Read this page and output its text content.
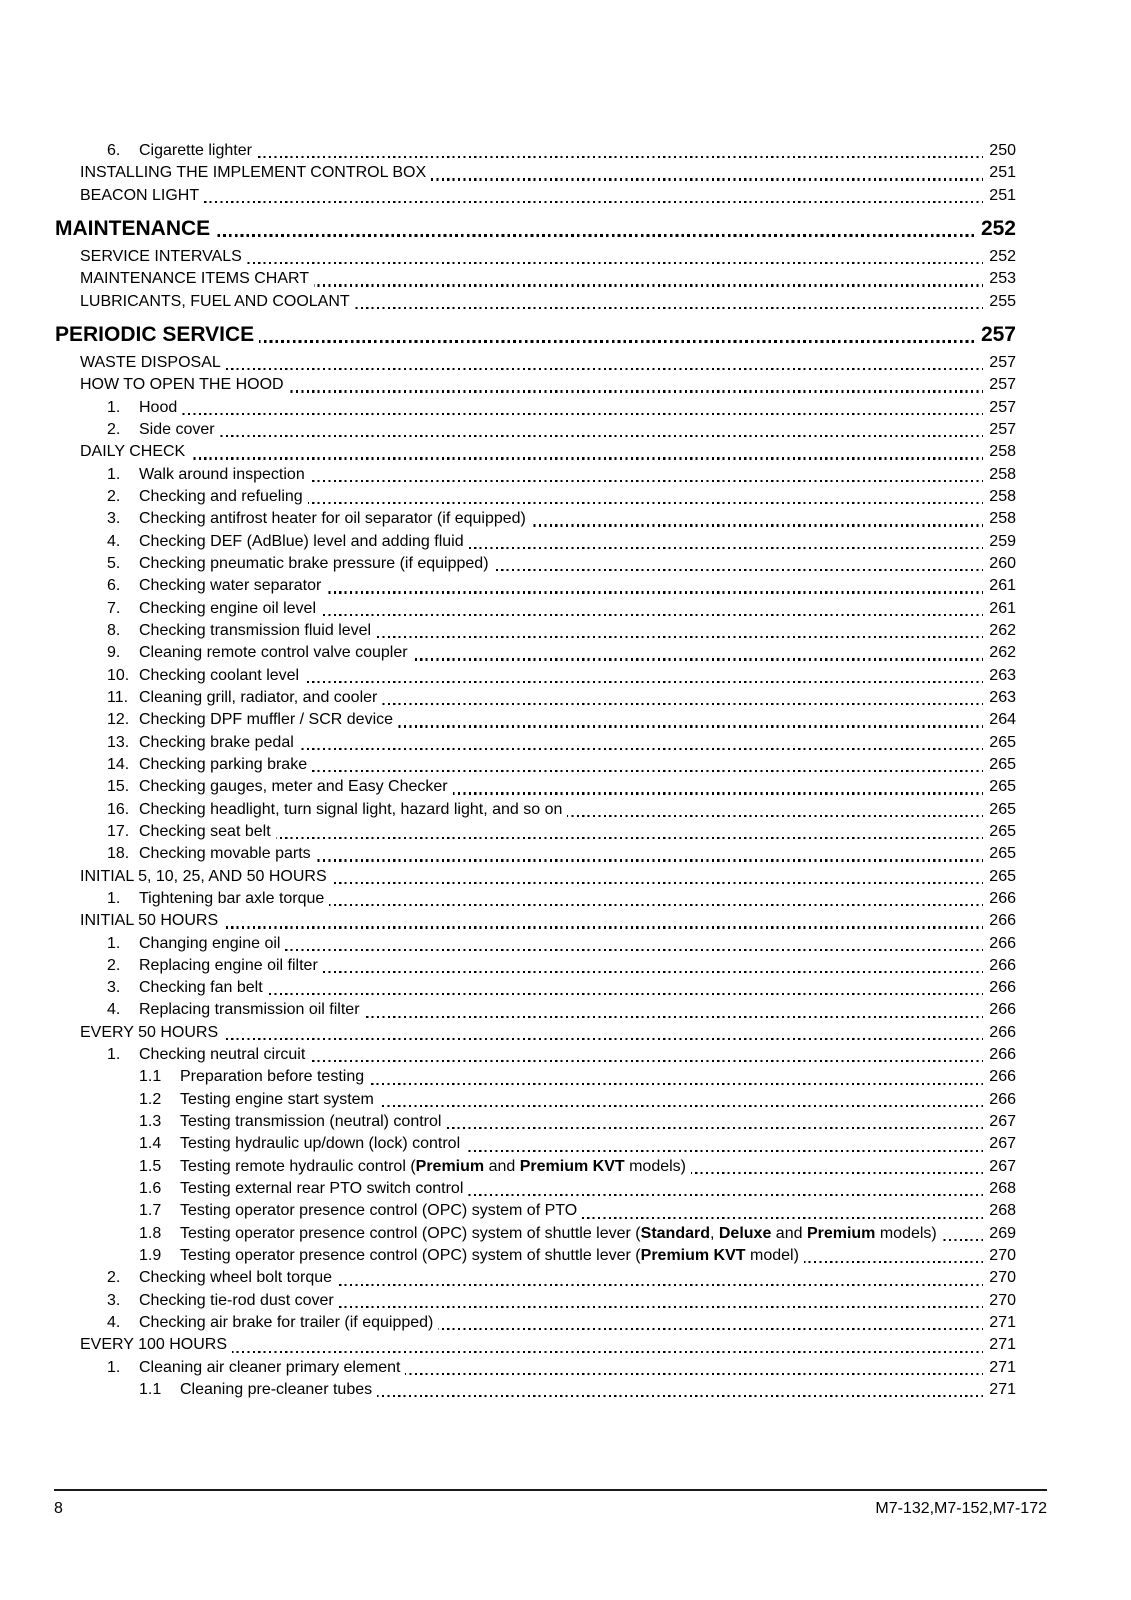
6. Cigarette lighter	250
INSTALLING THE IMPLEMENT CONTROL BOX	251
BEACON LIGHT	251
MAINTENANCE	252
SERVICE INTERVALS	252
MAINTENANCE ITEMS CHART	253
LUBRICANTS, FUEL AND COOLANT	255
PERIODIC SERVICE	257
WASTE DISPOSAL	257
HOW TO OPEN THE HOOD	257
1. Hood	257
2. Side cover	257
DAILY CHECK	258
1. Walk around inspection	258
2. Checking and refueling	258
3. Checking antifrost heater for oil separator (if equipped)	258
4. Checking DEF (AdBlue) level and adding fluid	259
5. Checking pneumatic brake pressure (if equipped)	260
6. Checking water separator	261
7. Checking engine oil level	261
8. Checking transmission fluid level	262
9. Cleaning remote control valve coupler	262
10. Checking coolant level	263
11. Cleaning grill, radiator, and cooler	263
12. Checking DPF muffler / SCR device	264
13. Checking brake pedal	265
14. Checking parking brake	265
15. Checking gauges, meter and Easy Checker	265
16. Checking headlight, turn signal light, hazard light, and so on	265
17. Checking seat belt	265
18. Checking movable parts	265
INITIAL 5, 10, 25, AND 50 HOURS	265
1. Tightening bar axle torque	266
INITIAL 50 HOURS	266
1. Changing engine oil	266
2. Replacing engine oil filter	266
3. Checking fan belt	266
4. Replacing transmission oil filter	266
EVERY 50 HOURS	266
1. Checking neutral circuit	266
1.1 Preparation before testing	266
1.2 Testing engine start system	266
1.3 Testing transmission (neutral) control	267
1.4 Testing hydraulic up/down (lock) control	267
1.5 Testing remote hydraulic control (Premium and Premium KVT models)	267
1.6 Testing external rear PTO switch control	268
1.7 Testing operator presence control (OPC) system of PTO	268
1.8 Testing operator presence control (OPC) system of shuttle lever (Standard, Deluxe and Premium models)	269
1.9 Testing operator presence control (OPC) system of shuttle lever (Premium KVT model)	270
2. Checking wheel bolt torque	270
3. Checking tie-rod dust cover	270
4. Checking air brake for trailer (if equipped)	271
EVERY 100 HOURS	271
1. Cleaning air cleaner primary element	271
1.1 Cleaning pre-cleaner tubes	271
8	M7-132,M7-152,M7-172
